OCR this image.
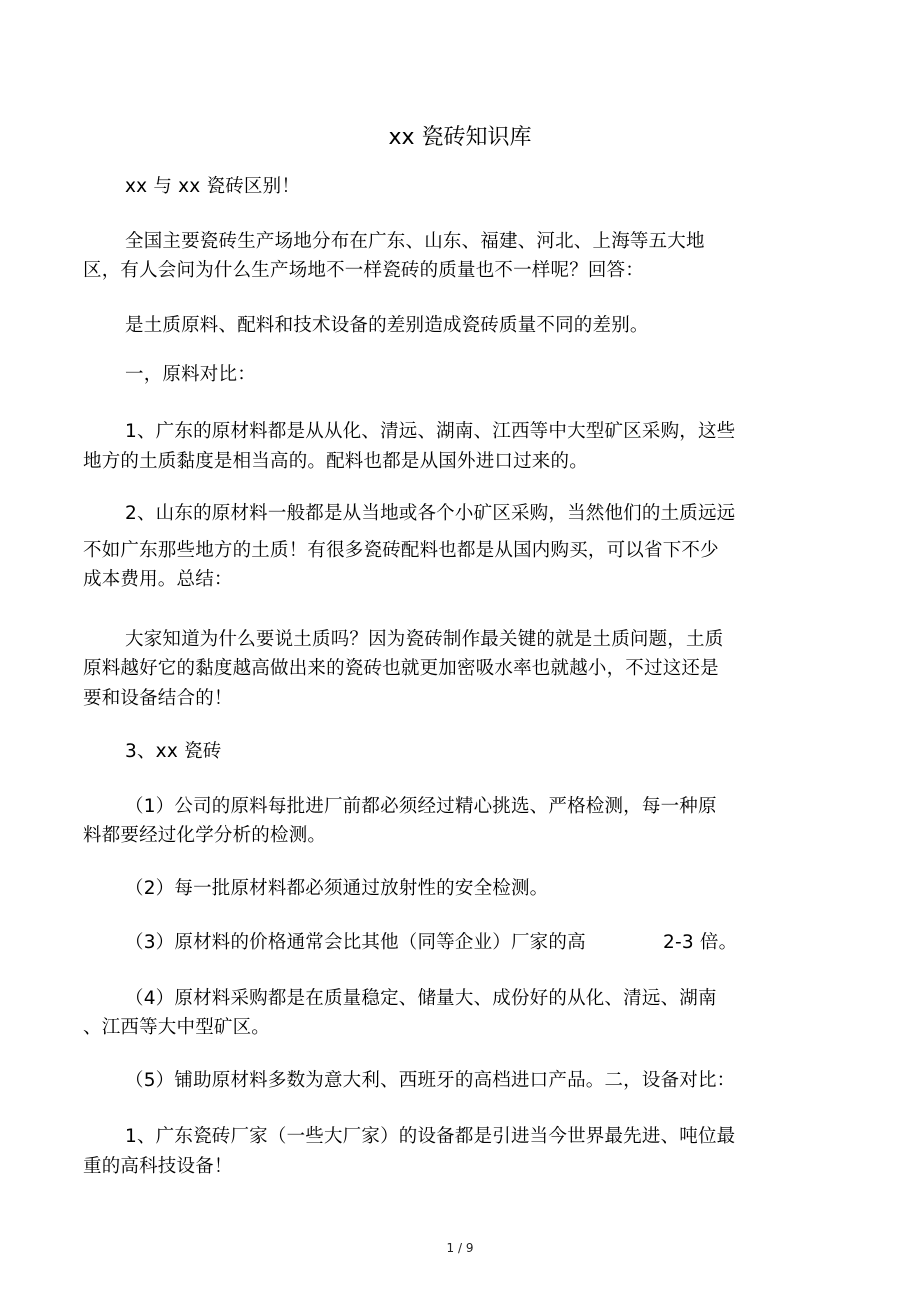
xx 瓷砖知识库
xx 与 xx 瓷砖区别！
全国主要瓷砖生产场地分布在广东、山东、福建、河北、上海等五大地
区，有人会问为什么生产场地不一样瓷砖的质量也不一样呢？回答：
是土质原料、配料和技术设备的差别造成瓷砖质量不同的差别。
一，原料对比：
1、广东的原材料都是从从化、清远、湖南、江西等中大型矿区采购，这些
地方的土质黏度是相当高的。配料也都是从国外进口过来的。
2、山东的原材料一般都是从当地或各个小矿区采购，当然他们的土质远远
不如广东那些地方的土质！有很多瓷砖配料也都是从国内购买，可以省下不少
成本费用。总结：
大家知道为什么要说土质吗？因为瓷砖制作最关键的就是土质问题，土质
原料越好它的黏度越高做出来的瓷砖也就更加密吸水率也就越小，不过这还是
要和设备结合的！
3、xx 瓷砖
（1）公司的原料每批进厂前都必须经过精心挑选、严格检测，每一种原
料都要经过化学分析的检测。
（2）每一批原材料都必须通过放射性的安全检测。
（3）原材料的价格通常会比其他（同等企业）厂家的高	2-3 倍。
（4）原材料采购都是在质量稳定、储量大、成份好的从化、清远、湖南
、江西等大中型矿区。
（5）铺助原材料多数为意大利、西班牙的高档进口产品。二，设备对比：
1、广东瓷砖厂家（一些大厂家）的设备都是引进当今世界最先进、吨位最
重的高科技设备！
1 / 9
